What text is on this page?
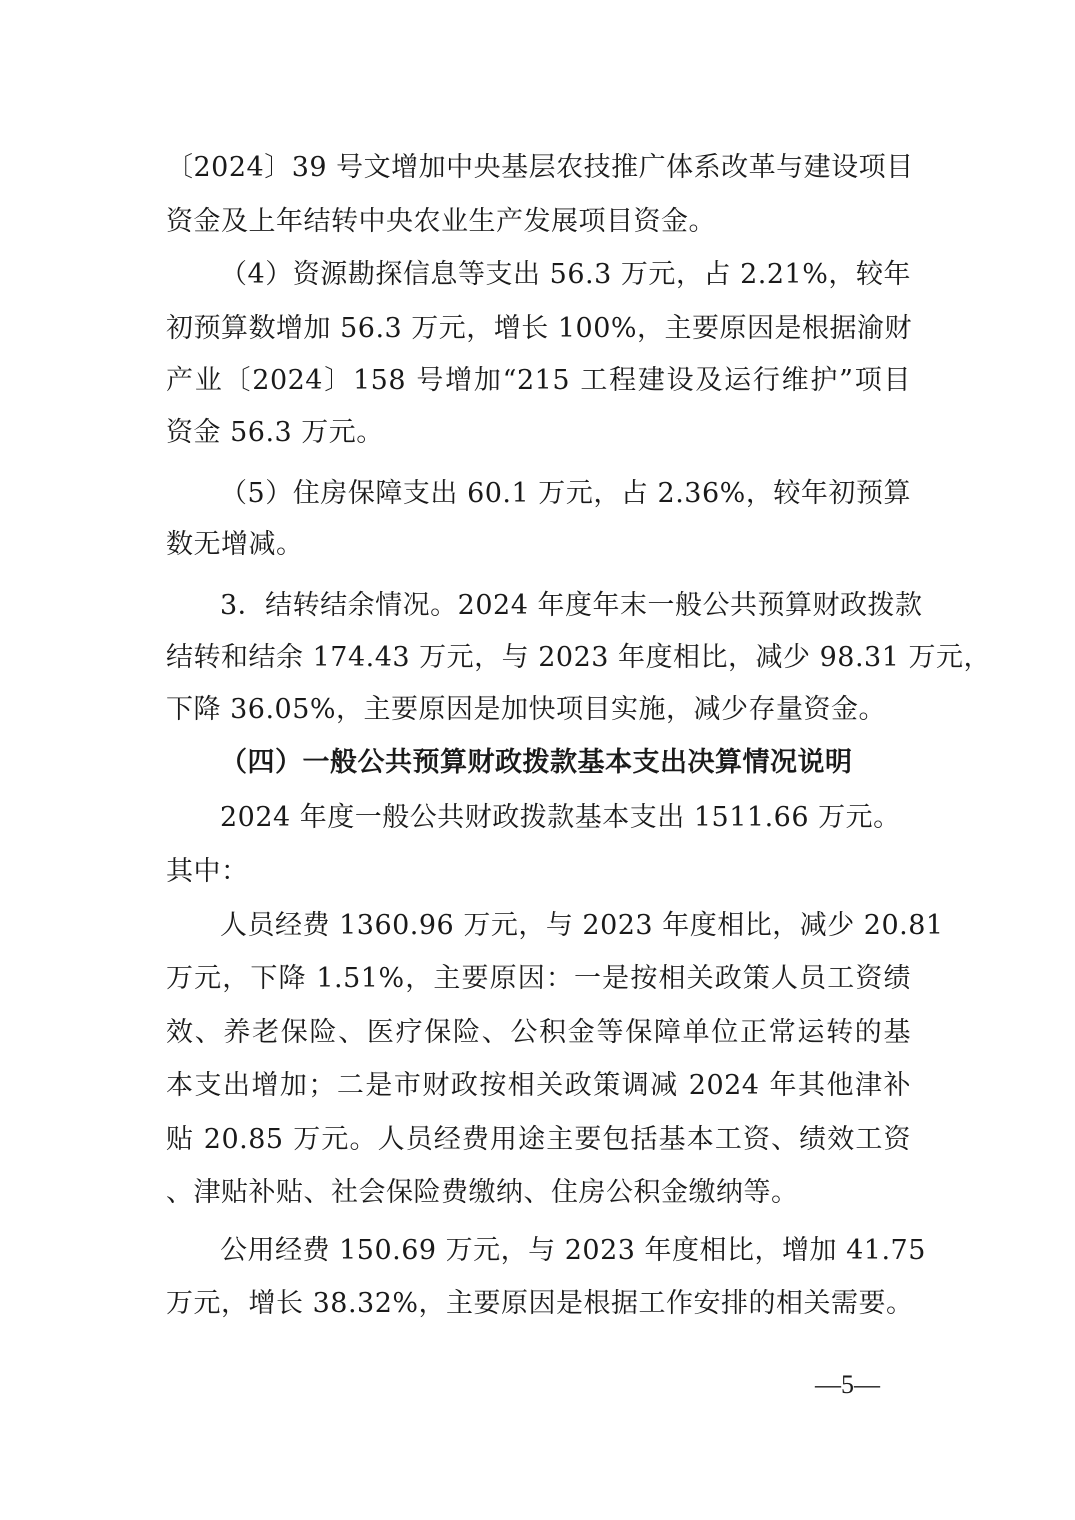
〔2024〕39 号文增加中央基层农技推广体系改革与建设项目
资金及上年结转中央农业生产发展项目资金。
（4）资源勘探信息等支出 56.3 万元，占 2.21%，较年
初预算数增加 56.3 万元，增长 100%，主要原因是根据渝财
产业〔2024〕158 号增加“215 工程建设及运行维护”项目
资金 56.3 万元。
（5）住房保障支出 60.1 万元，占 2.36%，较年初预算
数无增减。
3．结转结余情况。2024 年度年末一般公共预算财政拨款
结转和结余 174.43 万元，与 2023 年度相比，减少 98.31 万元，
下降 36.05%，主要原因是加快项目实施，减少存量资金。
（四）一般公共预算财政拨款基本支出决算情况说明
2024 年度一般公共财政拨款基本支出 1511.66 万元。
其中：
人员经费 1360.96 万元，与 2023 年度相比，减少 20.81
万元，下降 1.51%，主要原因：一是按相关政策人员工资绩
效、养老保险、医疗保险、公积金等保障单位正常运转的基
本支出增加；二是市财政按相关政策调减 2024 年其他津补
贴 20.85 万元。人员经费用途主要包括基本工资、绩效工资
、津贴补贴、社会保险费缴纳、住房公积金缴纳等。
公用经费 150.69 万元，与 2023 年度相比，增加 41.75
万元，增长 38.32%，主要原因是根据工作安排的相关需要。
—5—
